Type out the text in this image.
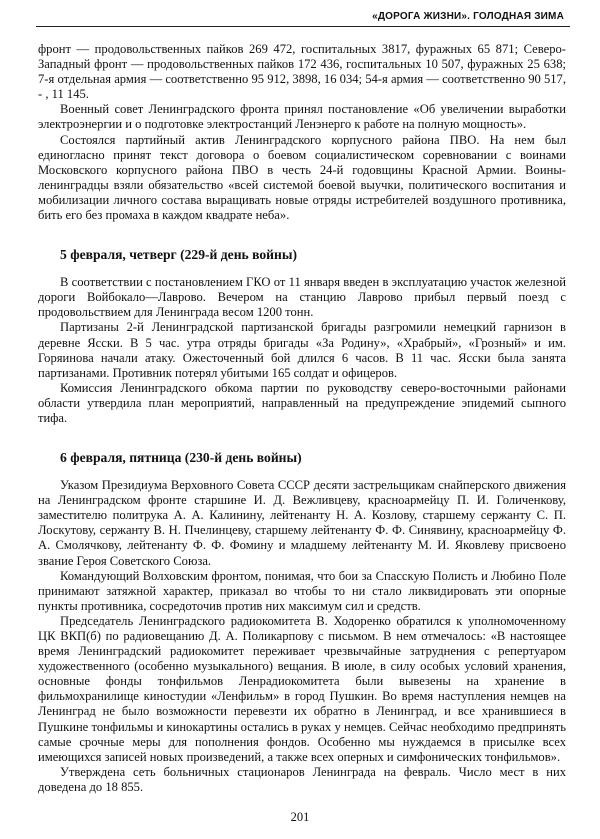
«ДОРОГА ЖИЗНИ». ГОЛОДНАЯ ЗИМА

фронт — продовольственных пайков 269 472, госпитальных 3817, фуражных 65 871; Северо-Западный фронт — продовольственных пайков 172 436, госпитальных 10 507, фуражных 25 638; 7-я отдельная армия — соответственно 95 912, 3898, 16 034; 54-я армия — соответственно 90 517, - , 11 145.

Военный совет Ленинградского фронта принял постановление «Об увеличении выработки электроэнергии и о подготовке электростанций Ленэнерго к работе на полную мощность».

Состоялся партийный актив Ленинградского корпусного района ПВО. На нем был единогласно принят текст договора о боевом социалистическом соревновании с воинами Московского корпусного района ПВО в честь 24-й годовщины Красной Армии. Воины-ленинградцы взяли обязательство «всей системой боевой выучки, политического воспитания и мобилизации личного состава выращивать новые отряды истребителей воздушного противника, бить его без промаха в каждом квадрате неба».

5 февраля, четверг (229-й день войны)

В соответствии с постановлением ГКО от 11 января введен в эксплуатацию участок железной дороги Войбокало—Лаврово. Вечером на станцию Лаврово прибыл первый поезд с продовольствием для Ленинграда весом 1200 тонн.

Партизаны 2-й Ленинградской партизанской бригады разгромили немецкий гарнизон в деревне Ясски. В 5 час. утра отряды бригады «За Родину», «Храбрый», «Грозный» и им. Горяинова начали атаку. Ожесточенный бой длился 6 часов. В 11 час. Ясски была занята партизанами. Противник потерял убитыми 165 солдат и офицеров.

Комиссия Ленинградского обкома партии по руководству северо-восточными районами области утвердила план мероприятий, направленный на предупреждение эпидемий сыпного тифа.

6 февраля, пятница (230-й день войны)

Указом Президиума Верховного Совета СССР десяти застрельщикам снайперского движения на Ленинградском фронте старшине И. Д. Вежливцеву, красноармейцу П. И. Голиченкову, заместителю политрука А. А. Калинину, лейтенанту Н. А. Козлову, старшему сержанту С. П. Лоскутову, сержанту В. Н. Пчелинцеву, старшему лейтенанту Ф. Ф. Синявину, красноармейцу Ф. А. Смолячкову, лейтенанту Ф. Ф. Фомину и младшему лейтенанту М. И. Яковлеву присвоено звание Героя Советского Союза.

Командующий Волховским фронтом, понимая, что бои за Спасскую Полисть и Любино Поле принимают затяжной характер, приказал во чтобы то ни стало ликвидировать эти опорные пункты противника, сосредоточив против них максимум сил и средств.

Председатель Ленинградского радиокомитета В. Ходоренко обратился к уполномоченному ЦК ВКП(б) по радиовещанию Д. А. Поликарпову с письмом. В нем отмечалось: «В настоящее время Ленинградский радиокомитет переживает чрезвычайные затруднения с репертуаром художественного (особенно музыкального) вещания. В июле, в силу особых условий хранения, основные фонды тонфильмов Ленрадиокомитета были вывезены на хранение в фильмохранилище киностудии «Ленфильм» в город Пушкин. Во время наступления немцев на Ленинград не было возможности перевезти их обратно в Ленинград, и все хранившиеся в Пушкине тонфильмы и кинокартины остались в руках у немцев. Сейчас необходимо предпринять самые срочные меры для пополнения фондов. Особенно мы нуждаемся в присылке всех имеющихся записей новых произведений, а также всех оперных и симфонических тонфильмов».

Утверждена сеть больничных стационаров Ленинграда на февраль. Число мест в них доведена до 18 855.

201
